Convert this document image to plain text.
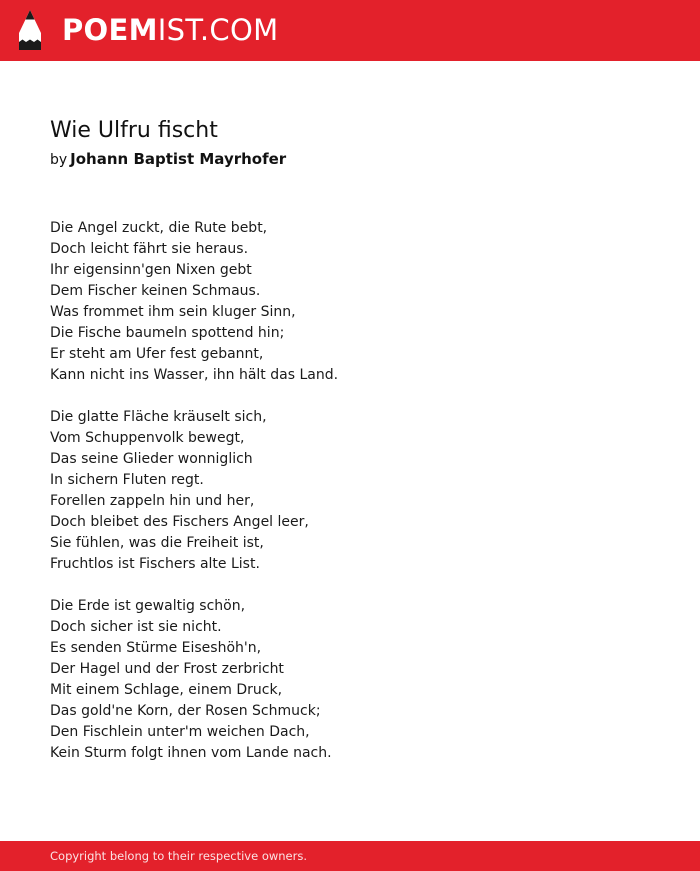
POEMIST.COM
Wie Ulfru fischt
by Johann Baptist Mayrhofer
Die Angel zuckt, die Rute bebt,
Doch leicht fährt sie heraus.
Ihr eigensinn'gen Nixen gebt
Dem Fischer keinen Schmaus.
Was frommet ihm sein kluger Sinn,
Die Fische baumeln spottend hin;
Er steht am Ufer fest gebannt,
Kann nicht ins Wasser, ihn hält das Land.
Die glatte Fläche kräuselt sich,
Vom Schuppenvolk bewegt,
Das seine Glieder wonniglich
In sichern Fluten regt.
Forellen zappeln hin und her,
Doch bleibet des Fischers Angel leer,
Sie fühlen, was die Freiheit ist,
Fruchtlos ist Fischers alte List.
Die Erde ist gewaltig schön,
Doch sicher ist sie nicht.
Es senden Stürme Eiseshöh'n,
Der Hagel und der Frost zerbricht
Mit einem Schlage, einem Druck,
Das gold'ne Korn, der Rosen Schmuck;
Den Fischlein unter'm weichen Dach,
Kein Sturm folgt ihnen vom Lande nach.
Copyright belong to their respective owners.
